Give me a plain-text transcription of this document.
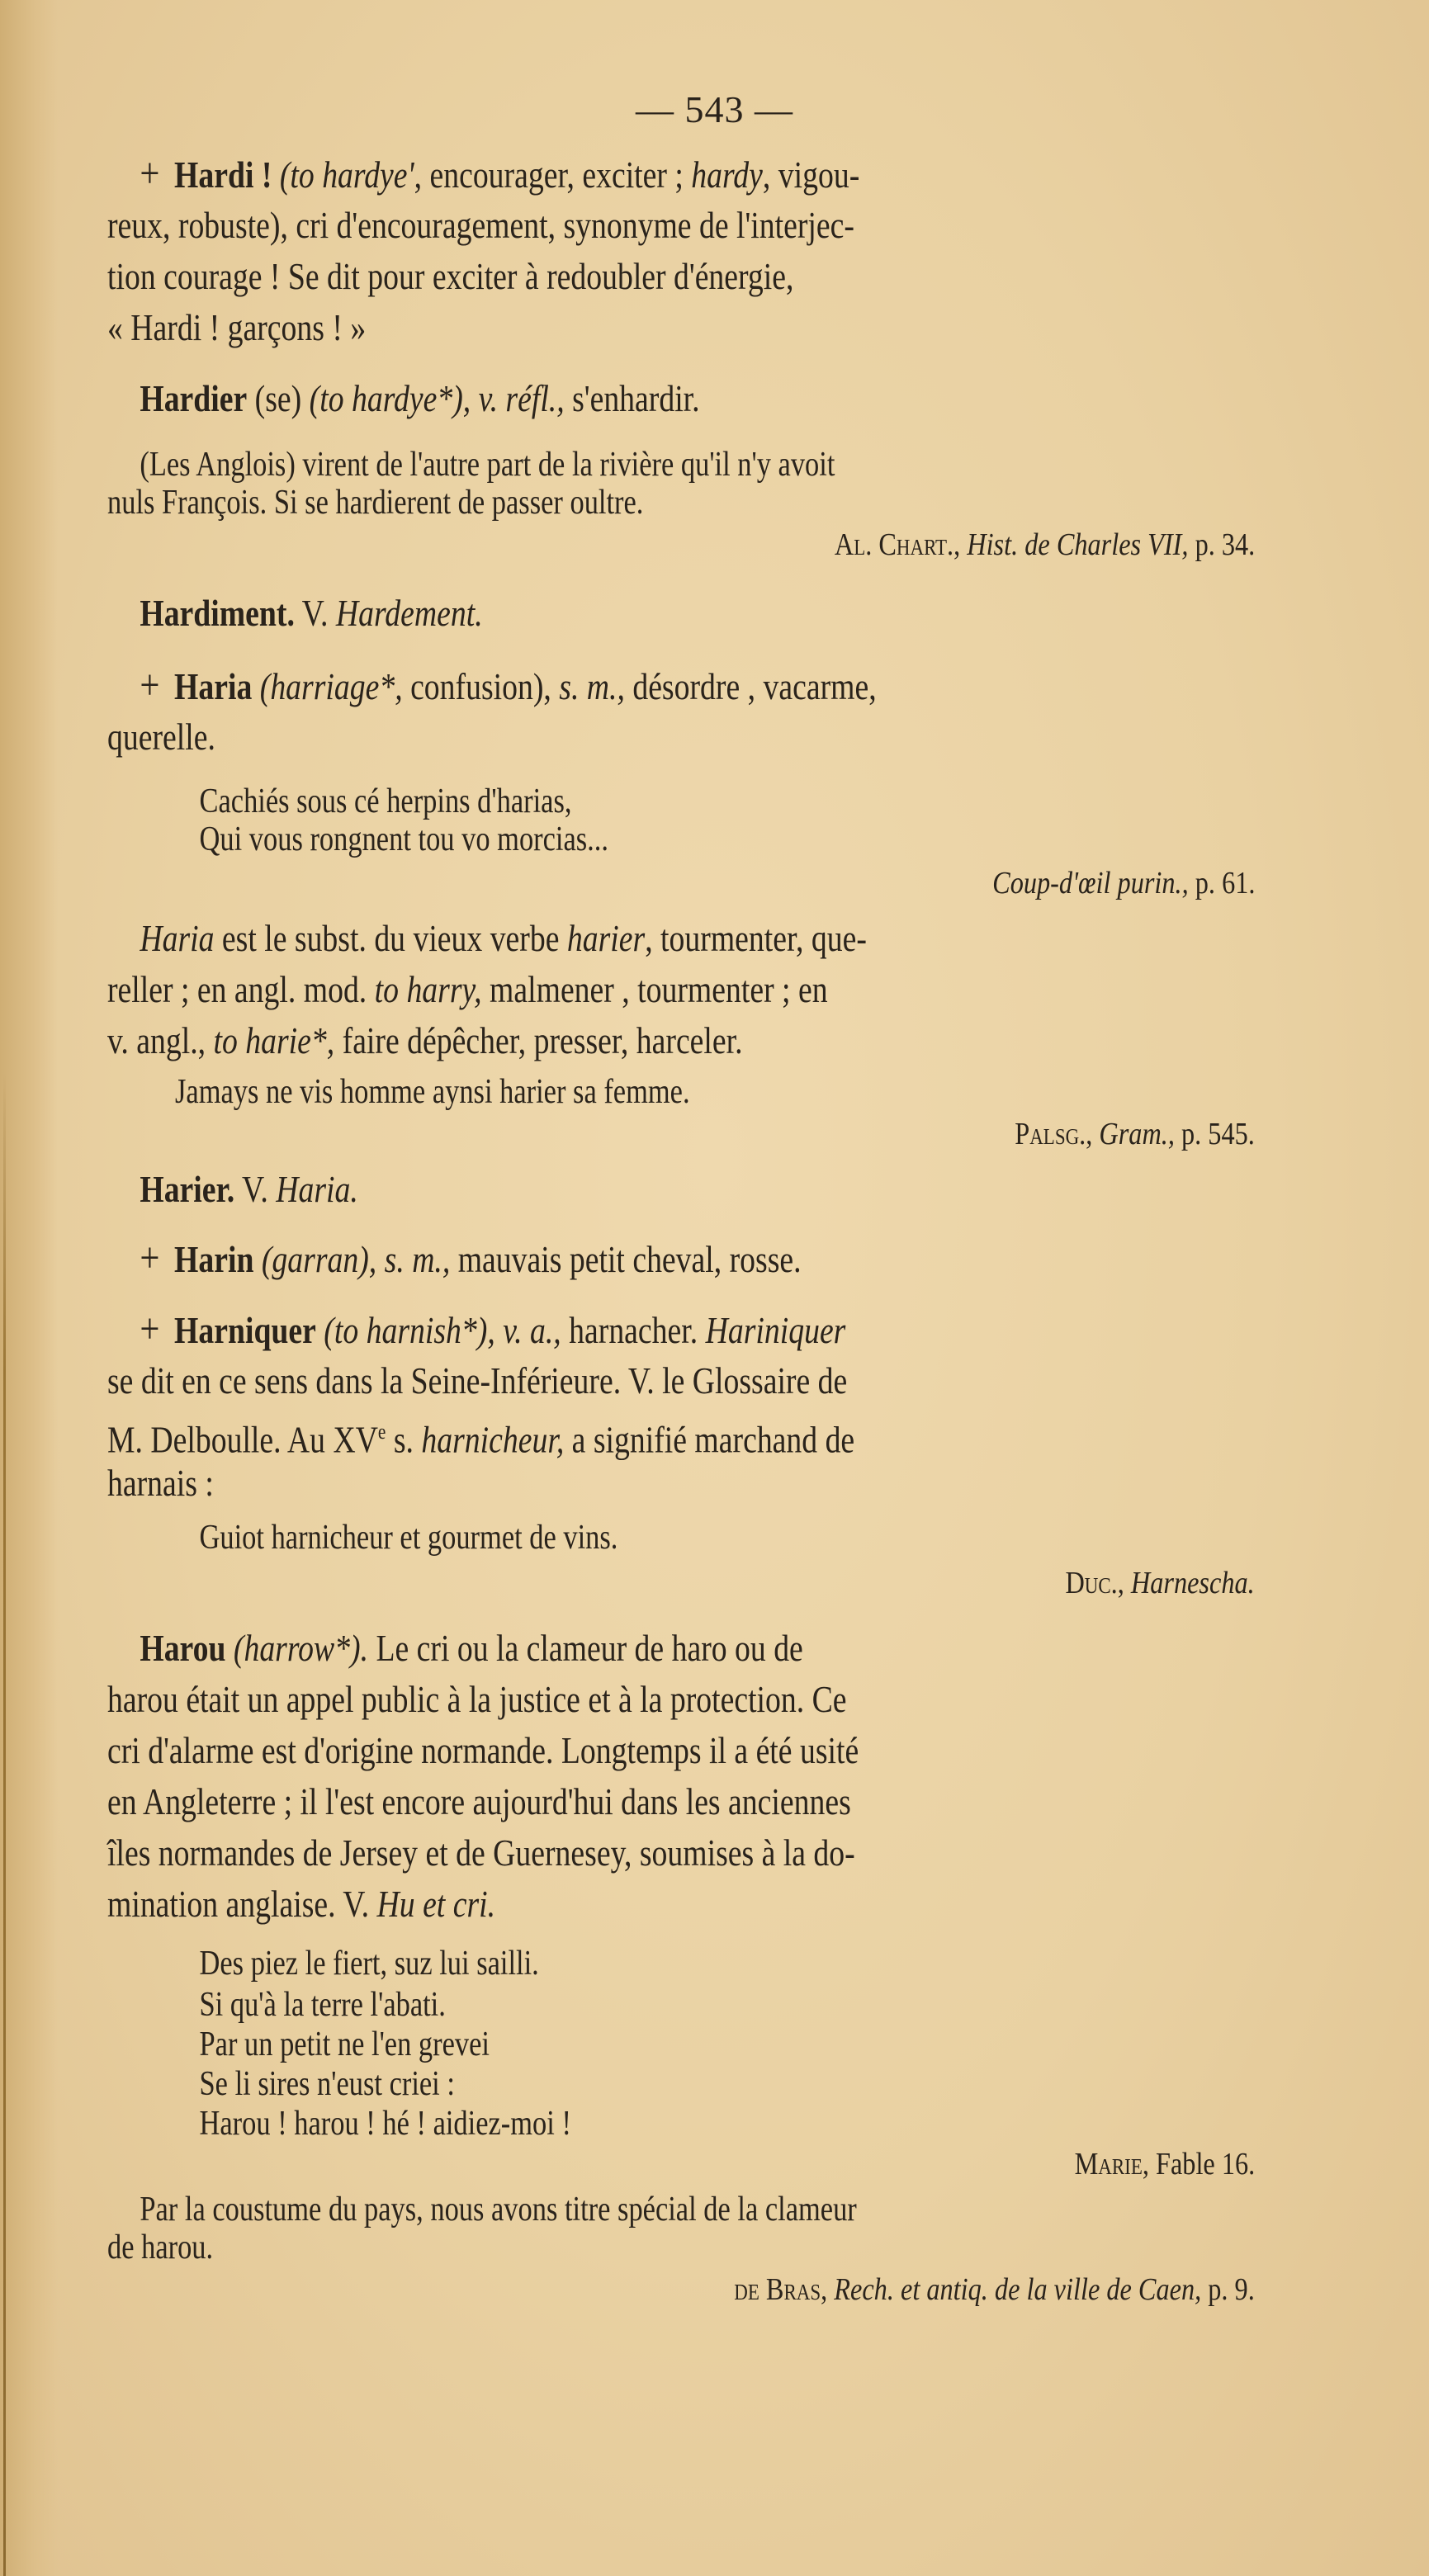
— 543 —
+ Hardi ! (to hardye', encourager, exciter ; hardy, vigou-
reux, robuste), cri d'encouragement, synonyme de l'interjec-
tion courage ! Se dit pour exciter à redoubler d'énergie,
« Hardi ! garçons ! »
Hardier (se) (to hardye*), v. réfl., s'enhardir.
(Les Anglois) virent de l'autre part de la rivière qu'il n'y avoit
nuls François. Si se hardierent de passer oultre.
Al. Chart., Hist. de Charles VII, p. 34.
Hardiment. V. Hardement.
+ Haria (harriage*, confusion), s. m., désordre , vacarme,
querelle.
Cachiés sous cé herpins d'harias,
Qui vous rongnent tou vo morcias...
Coup-d'œil purin., p. 61.
Haria est le subst. du vieux verbe harier, tourmenter, que-
reller ; en angl. mod. to harry, malmener , tourmenter ; en
v. angl., to harie*, faire dépêcher, presser, harceler.
Jamays ne vis homme aynsi harier sa femme.
Palsg., Gram., p. 545.
Harier. V. Haria.
+ Harin (garran), s. m., mauvais petit cheval, rosse.
+ Harniquer (to harnish*), v. a., harnacher. Hariniquer
se dit en ce sens dans la Seine-Inférieure. V. le Glossaire de
M. Delboulle. Au XVe s. harnicheur, a signifié marchand de
harnais :
Guiot harnicheur et gourmet de vins.
Duc., Harnescha.
Harou (harrow*). Le cri ou la clameur de haro ou de
harou était un appel public à la justice et à la protection. Ce
cri d'alarme est d'origine normande. Longtemps il a été usité
en Angleterre ; il l'est encore aujourd'hui dans les anciennes
îles normandes de Jersey et de Guernesey, soumises à la do-
mination anglaise. V. Hu et cri.
Des piez le fiert, suz lui sailli.
Si qu'à la terre l'abati.
Par un petit ne l'en grevei
Se li sires n'eust criei :
Harou ! harou ! hé ! aidiez-moi !
Marie, Fable 16.
Par la coustume du pays, nous avons titre spécial de la clameur
de harou.
de Bras, Rech. et antiq. de la ville de Caen, p. 9.
